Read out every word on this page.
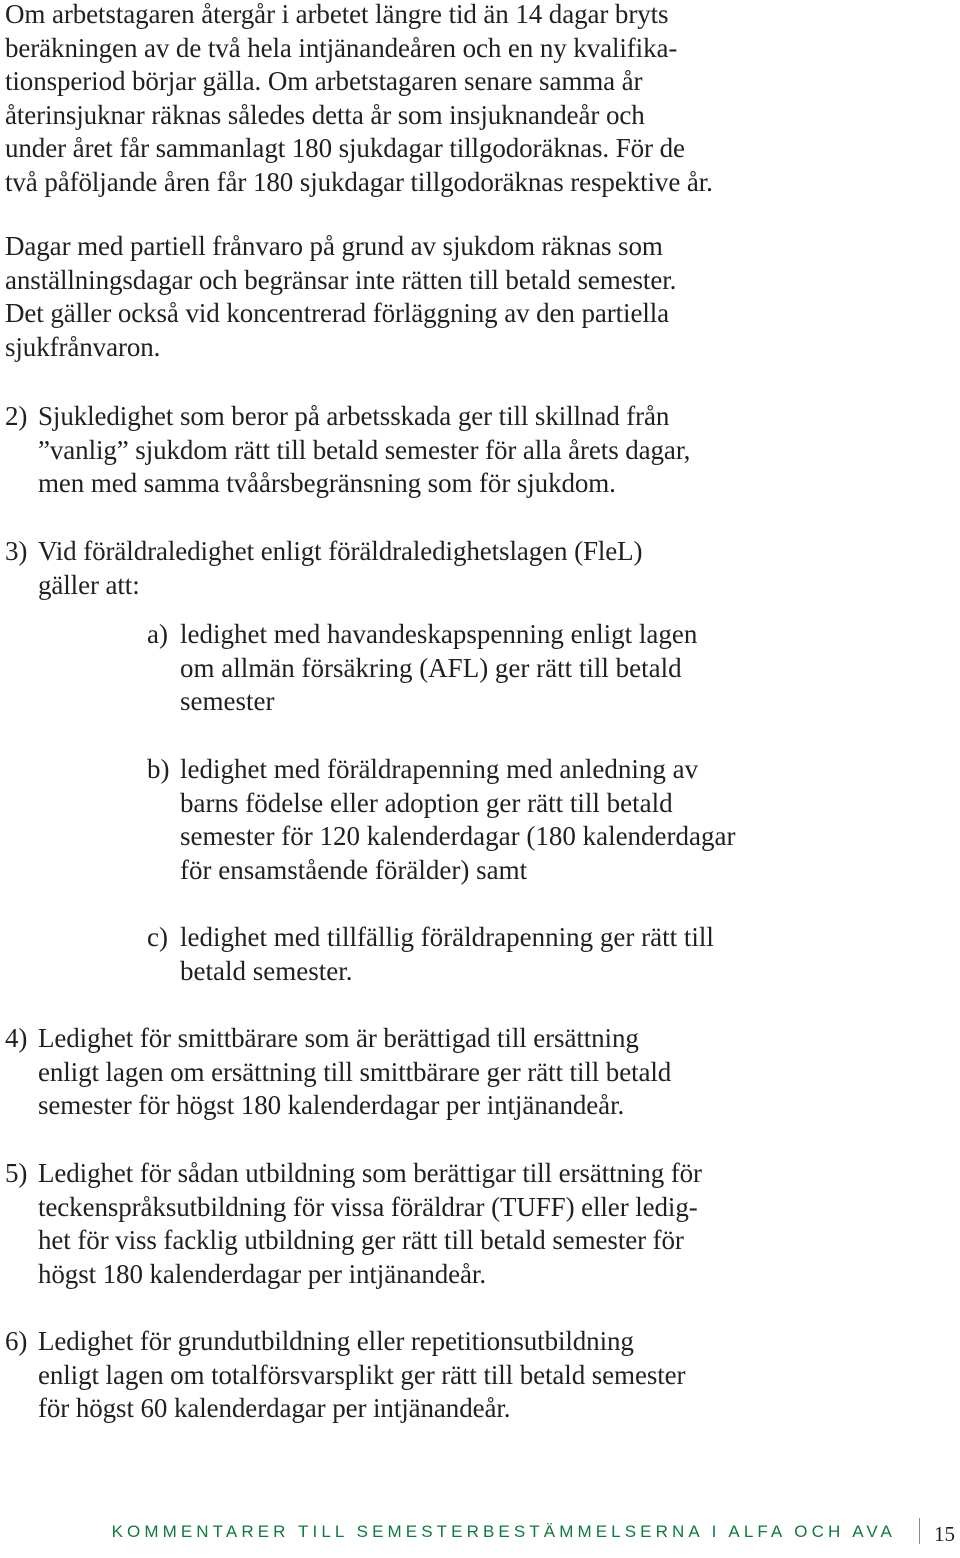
Om arbetstagaren återgår i arbetet längre tid än 14 dagar bryts
beräkningen av de två hela intjänandeåren och en ny kvalifika-
tionsperiod börjar gälla. Om arbetstagaren senare samma år
återinsjuknar räknas således detta år som insjuknandeår och
under året får sammanlagt 180 sjukdagar tillgodoräknas. För de
två påföljande åren får 180 sjukdagar tillgodoräknas respektive år.
Dagar med partiell frånvaro på grund av sjukdom räknas som
anställningsdagar och begränsar inte rätten till betald semester.
Det gäller också vid koncentrerad förläggning av den partiella
sjukfrånvaron.
2) Sjukledighet som beror på arbetsskada ger till skillnad från
”vanlig” sjukdom rätt till betald semester för alla årets dagar,
men med samma tvåårsbegränsning som för sjukdom.
3) Vid föräldraledighet enligt föräldraledighetslagen (FleL)
gäller att:
a) ledighet med havandeskapspenning enligt lagen
om allmän försäkring (AFL) ger rätt till betald
semester
b) ledighet med föräldrapenning med anledning av
barns födelse eller adoption ger rätt till betald
semester för 120 kalenderdagar (180 kalenderdagar
för ensamstående förälder) samt
c) ledighet med tillfällig föräldrapenning ger rätt till
betald semester.
4) Ledighet för smittbärare som är berättigad till ersättning
enligt lagen om ersättning till smittbärare ger rätt till betald
semester för högst 180 kalenderdagar per intjänandeår.
5) Ledighet för sådan utbildning som berättigar till ersättning för
teckenspråksutbildning för vissa föräldrar (TUFF) eller ledig-
het för viss facklig utbildning ger rätt till betald semester för
högst 180 kalenderdagar per intjänandeår.
6) Ledighet för grundutbildning eller repetitionsutbildning
enligt lagen om totalförsvarsplikt ger rätt till betald semester
för högst 60 kalenderdagar per intjänandeår.
KOMMENTARER TILL SEMESTERBESTÄMMELSERNA I ALFA OCH AVA 15
